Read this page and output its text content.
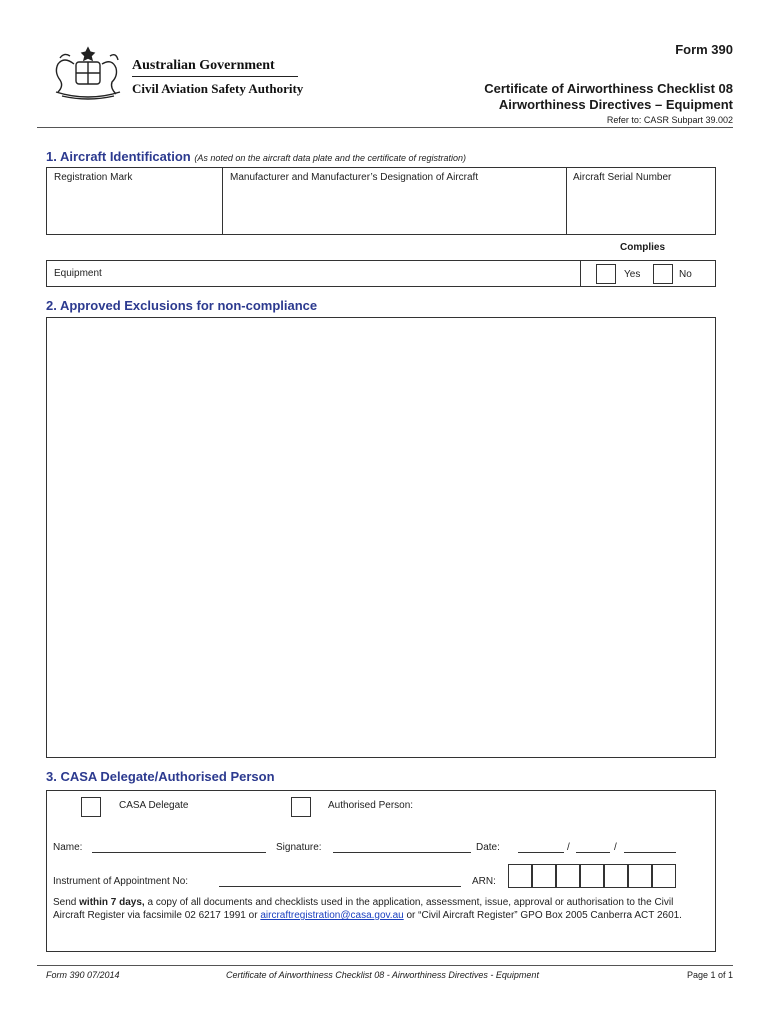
Australian Government
Civil Aviation Safety Authority
Form 390
Certificate of Airworthiness Checklist 08
Airworthiness Directives – Equipment
Refer to: CASR Subpart 39.002
1. Aircraft Identification (As noted on the aircraft data plate and the certificate of registration)
Registration Mark	Manufacturer and Manufacturer’s Designation of Aircraft	Aircraft Serial Number
Complies
Equipment	Yes	No
2. Approved Exclusions for non-compliance
3. CASA Delegate/Authorised Person
CASA Delegate	Authorised Person:
Name:	Signature:	Date:	/	/
Instrument of Appointment No:	ARN:
Send within 7 days, a copy of all documents and checklists used in the application, assessment, issue, approval or authorisation to the Civil Aircraft Register via facsimile 02 6217 1991 or aircraftregistration@casa.gov.au or “Civil Aircraft Register” GPO Box 2005 Canberra ACT 2601.
Form 390 07/2014	Certificate of Airworthiness Checklist 08 - Airworthiness Directives - Equipment	Page 1 of 1
